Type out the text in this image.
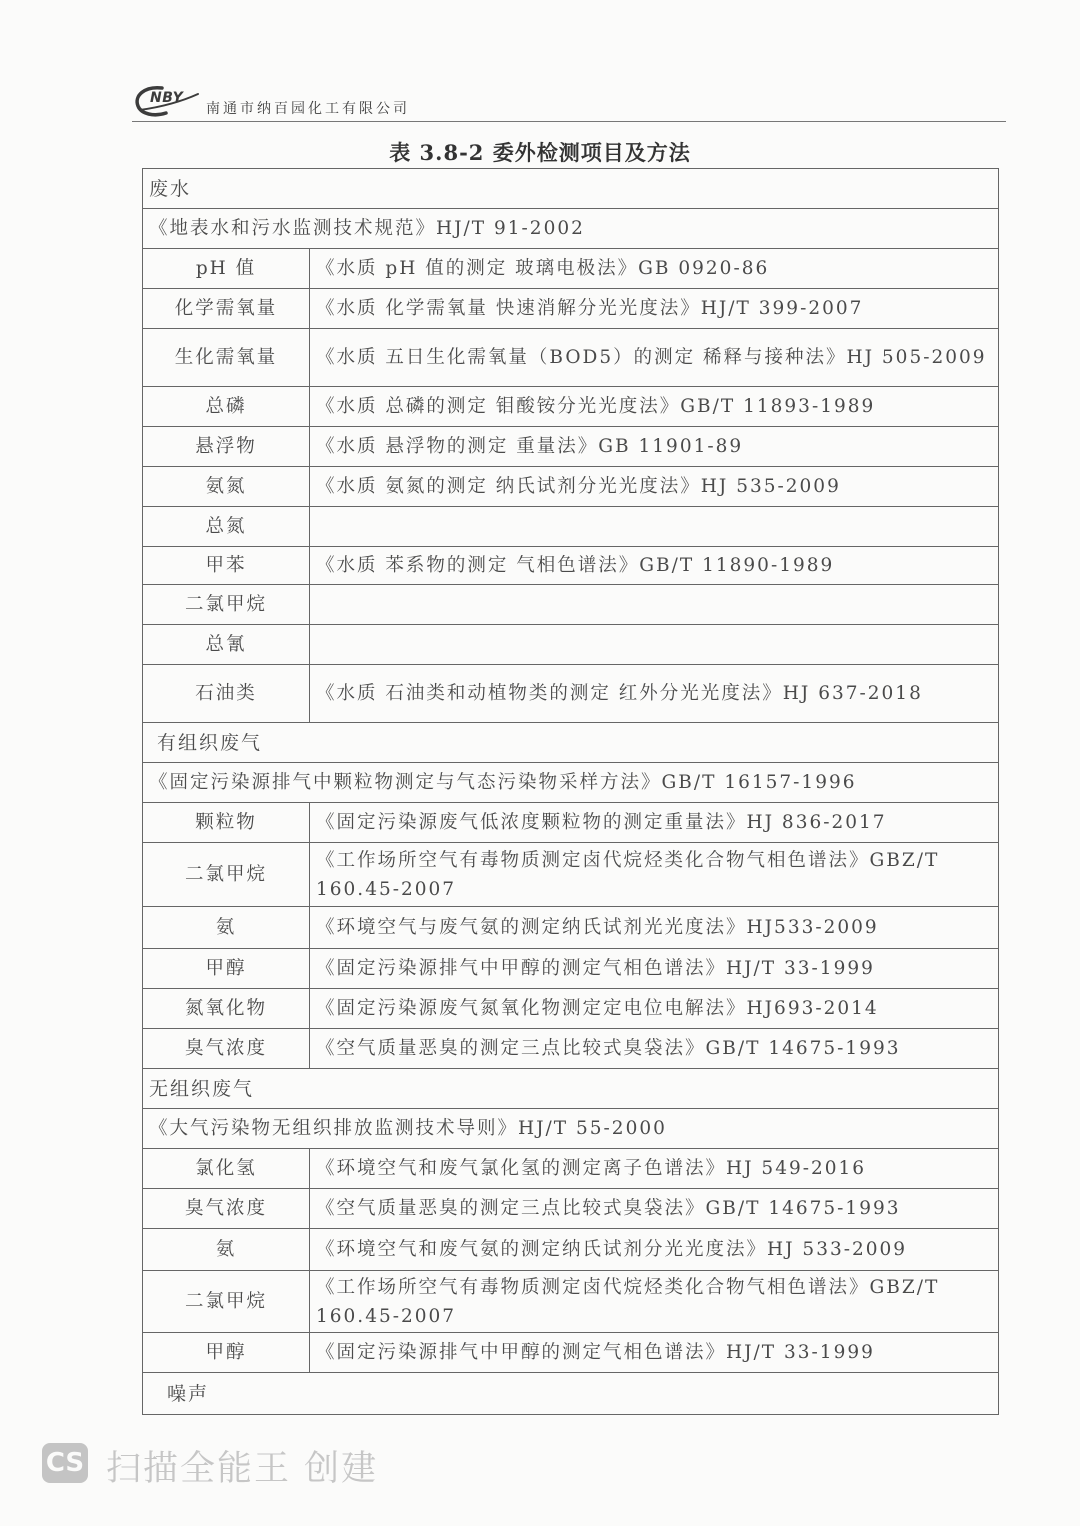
NBY
南通市纳百园化工有限公司
表 3.8-2 委外检测项目及方法
废水	
《地表水和污水监测技术规范》HJ/T 91-2002	
pH 值	《水质 pH 值的测定 玻璃电极法》GB 0920-86
化学需氧量	《水质 化学需氧量 快速消解分光光度法》HJ/T 399-2007
生化需氧量	《水质 五日生化需氧量（BOD5）的测定 稀释与接种法》HJ 505-2009
总磷	《水质 总磷的测定 钼酸铵分光光度法》GB/T 11893-1989
悬浮物	《水质 悬浮物的测定 重量法》GB 11901-89
氨氮	《水质 氨氮的测定 纳氏试剂分光光度法》HJ 535-2009
总氮	
甲苯	《水质 苯系物的测定 气相色谱法》GB/T 11890-1989
二氯甲烷	
总氰	
石油类	《水质 石油类和动植物类的测定 红外分光光度法》HJ 637-2018
有组织废气	
《固定污染源排气中颗粒物测定与气态污染物采样方法》GB/T 16157-1996	
颗粒物	《固定污染源废气低浓度颗粒物的测定重量法》HJ 836-2017
二氯甲烷	《工作场所空气有毒物质测定卤代烷烃类化合物气相色谱法》GBZ/T 160.45-2007
氨	《环境空气与废气氨的测定纳氏试剂光光度法》HJ533-2009
甲醇	《固定污染源排气中甲醇的测定气相色谱法》HJ/T 33-1999
氮氧化物	《固定污染源废气氮氧化物测定定电位电解法》HJ693-2014
臭气浓度	《空气质量恶臭的测定三点比较式臭袋法》GB/T 14675-1993
无组织废气	
《大气污染物无组织排放监测技术导则》HJ/T 55-2000	
氯化氢	《环境空气和废气氯化氢的测定离子色谱法》HJ 549-2016
臭气浓度	《空气质量恶臭的测定三点比较式臭袋法》GB/T 14675-1993
氨	《环境空气和废气氨的测定纳氏试剂分光光度法》HJ 533-2009
二氯甲烷	《工作场所空气有毒物质测定卤代烷烃类化合物气相色谱法》GBZ/T 160.45-2007
甲醇	《固定污染源排气中甲醇的测定气相色谱法》HJ/T 33-1999
噪声	
CS 扫描全能王 创建
